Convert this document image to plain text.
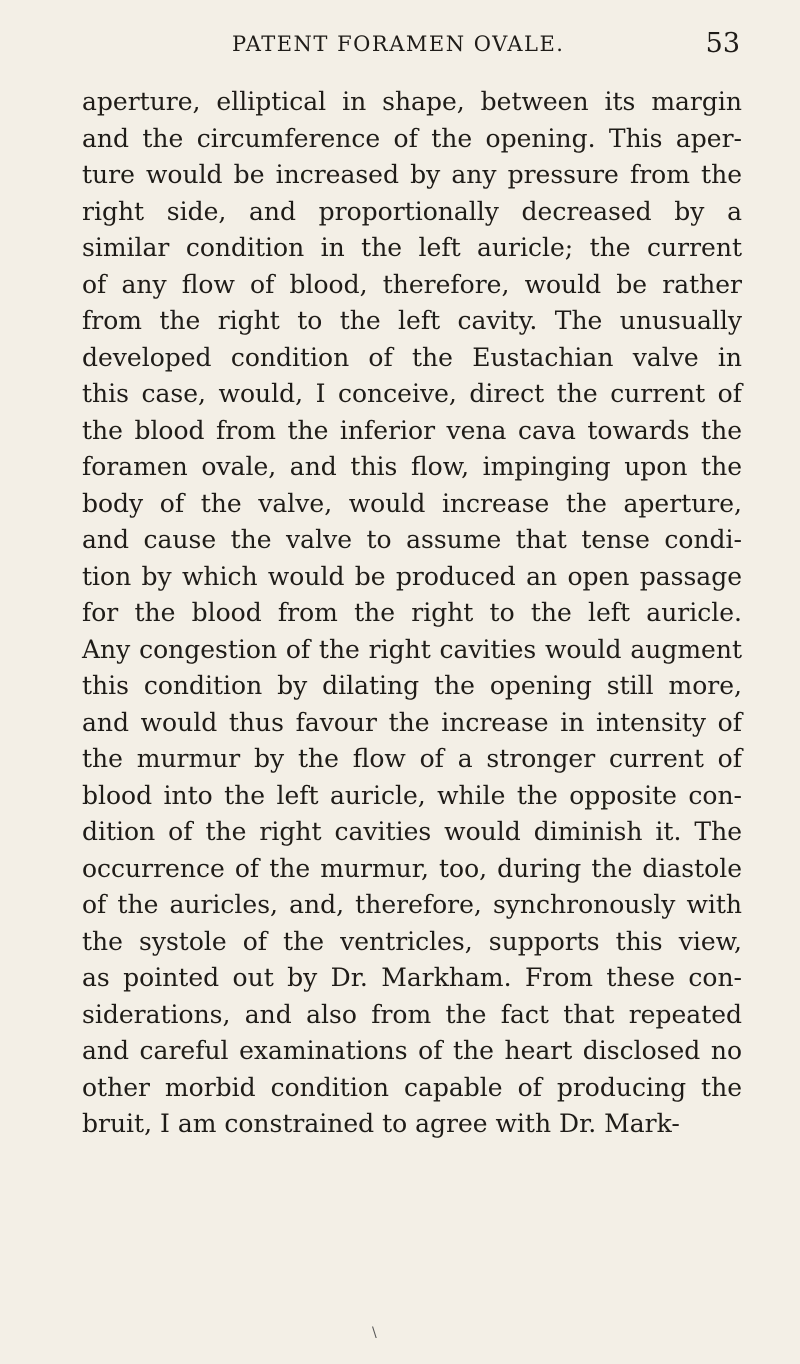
PATENT FORAMEN OVALE.	53
aperture, elliptical in shape, between its margin
and the circumference of the opening. This aper-
ture would be increased by any pressure from the
right side, and proportionally decreased by a
similar condition in the left auricle; the current
of any flow of blood, therefore, would be rather
from the right to the left cavity. The unusually
developed condition of the Eustachian valve in
this case, would, I conceive, direct the current of
the blood from the inferior vena cava towards the
foramen ovale, and this flow, impinging upon the
body of the valve, would increase the aperture,
and cause the valve to assume that tense condi-
tion by which would be produced an open passage
for the blood from the right to the left auricle.
Any congestion of the right cavities would augment
this condition by dilating the opening still more,
and would thus favour the increase in intensity of
the murmur by the flow of a stronger current of
blood into the left auricle, while the opposite con-
dition of the right cavities would diminish it. The
occurrence of the murmur, too, during the diastole
of the auricles, and, therefore, synchronously with
the systole of the ventricles, supports this view,
as pointed out by Dr. Markham. From these con-
siderations, and also from the fact that repeated
and careful examinations of the heart disclosed no
other morbid condition capable of producing the
bruit, I am constrained to agree with Dr. Mark-
\
